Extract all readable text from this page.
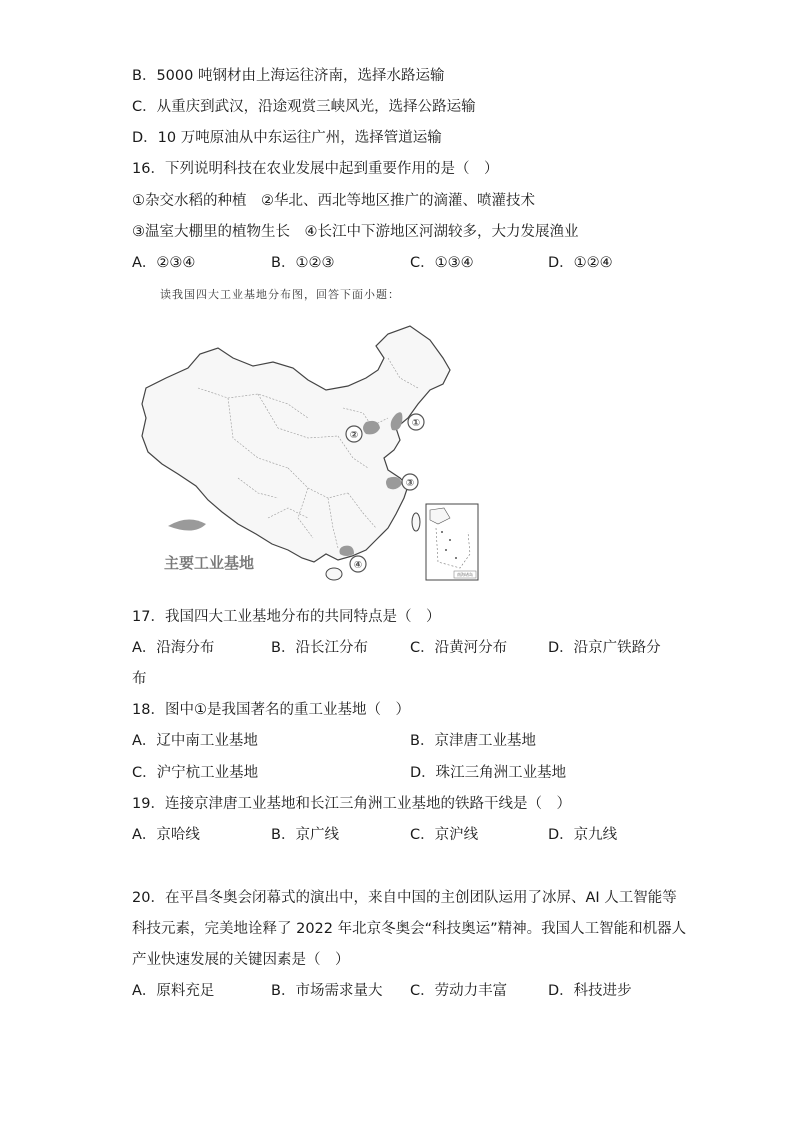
B．5000 吨钢材由上海运往济南，选择水路运输
C．从重庆到武汉，沿途观赏三峡风光，选择公路运输
D．10 万吨原油从中东运往广州，选择管道运输
16．下列说明科技在农业发展中起到重要作用的是（　）
①杂交水稻的种植　②华北、西北等地区推广的滴灌、喷灌技术
③温室大棚里的植物生长　④长江中下游地区河湖较多，大力发展渔业
A．②③④	B．①②③	C．①③④	D．①②④
读我国四大工业基地分布图，回答下面小题：
①
②
③
④
主要工业基地
南海诸岛
17．我国四大工业基地分布的共同特点是（　）
A．沿海分布	B．沿长江分布	C．沿黄河分布	D．沿京广铁路分
布
18．图中①是我国著名的重工业基地（　）
A．辽中南工业基地	B．京津唐工业基地
C．沪宁杭工业基地	D．珠江三角洲工业基地
19．连接京津唐工业基地和长江三角洲工业基地的铁路干线是（　）
A．京哈线	B．京广线	C．京沪线	D．京九线
20．在平昌冬奥会闭幕式的演出中，来自中国的主创团队运用了冰屏、AI 人工智能等
科技元素，完美地诠释了 2022 年北京冬奥会“科技奥运”精神。我国人工智能和机器人
产业快速发展的关键因素是（　）
A．原料充足	B．市场需求量大 C．劳动力丰富	D．科技进步
